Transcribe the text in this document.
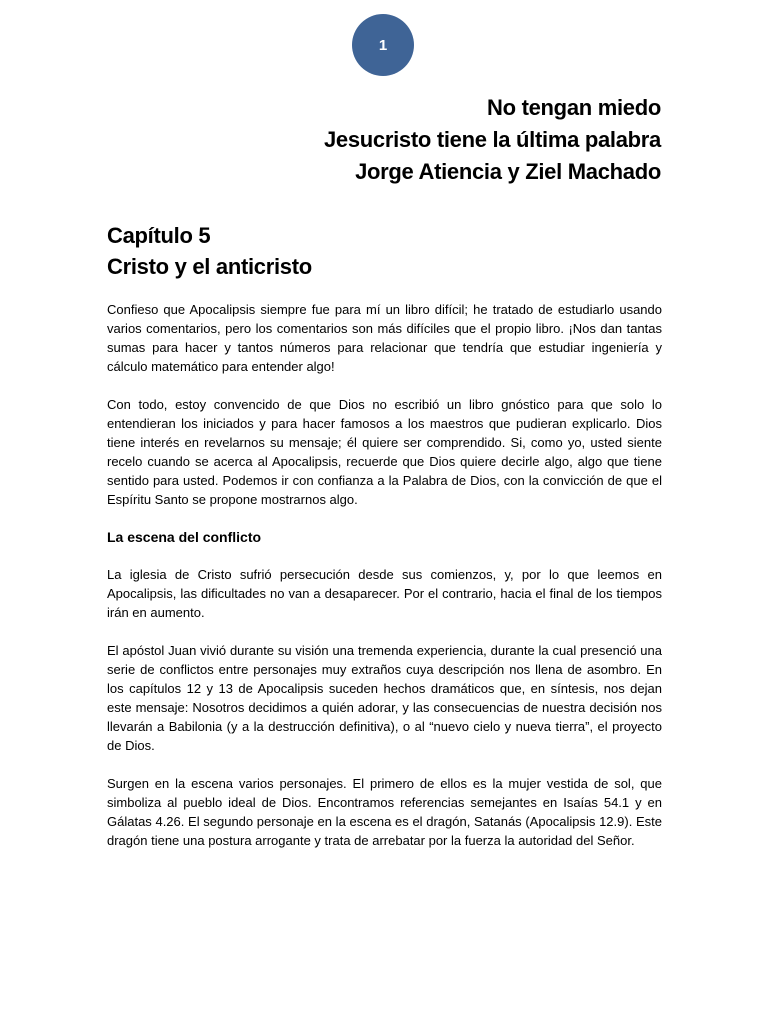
1
No tengan miedo
Jesucristo tiene la última palabra
Jorge Atiencia y Ziel Machado
Capítulo 5
Cristo y el anticristo

Confieso que Apocalipsis siempre fue para mí un libro difícil; he tratado de estudiarlo usando varios comentarios, pero los comentarios son más difíciles que el propio libro. ¡Nos dan tantas sumas para hacer y tantos números para relacionar que tendría que estudiar ingeniería y cálculo matemático para entender algo!

Con todo, estoy convencido de que Dios no escribió un libro gnóstico para que solo lo entendieran los iniciados y para hacer famosos a los maestros que pudieran explicarlo. Dios tiene interés en revelarnos su mensaje; él quiere ser comprendido. Si, como yo, usted siente recelo cuando se acerca al Apocalipsis, recuerde que Dios quiere decirle algo, algo que tiene sentido para usted. Podemos ir con confianza a la Palabra de Dios, con la convicción de que el Espíritu Santo se propone mostrarnos algo.

La escena del conflicto

La iglesia de Cristo sufrió persecución desde sus comienzos, y, por lo que leemos en Apocalipsis, las dificultades no van a desaparecer. Por el contrario, hacia el final de los tiempos irán en aumento.

El apóstol Juan vivió durante su visión una tremenda experiencia, durante la cual presenció una serie de conflictos entre personajes muy extraños cuya descripción nos llena de asombro. En los capítulos 12 y 13 de Apocalipsis suceden hechos dramáticos que, en síntesis, nos dejan este mensaje: Nosotros decidimos a quién adorar, y las consecuencias de nuestra decisión nos llevarán a Babilonia (y a la destrucción definitiva), o al “nuevo cielo y nueva tierra”, el proyecto de Dios.

Surgen en la escena varios personajes. El primero de ellos es la mujer vestida de sol, que simboliza al pueblo ideal de Dios. Encontramos referencias semejantes en Isaías 54.1 y en Gálatas 4.26. El segundo personaje en la escena es el dragón, Satanás (Apocalipsis 12.9). Este dragón tiene una postura arrogante y trata de arrebatar por la fuerza la autoridad del Señor.
